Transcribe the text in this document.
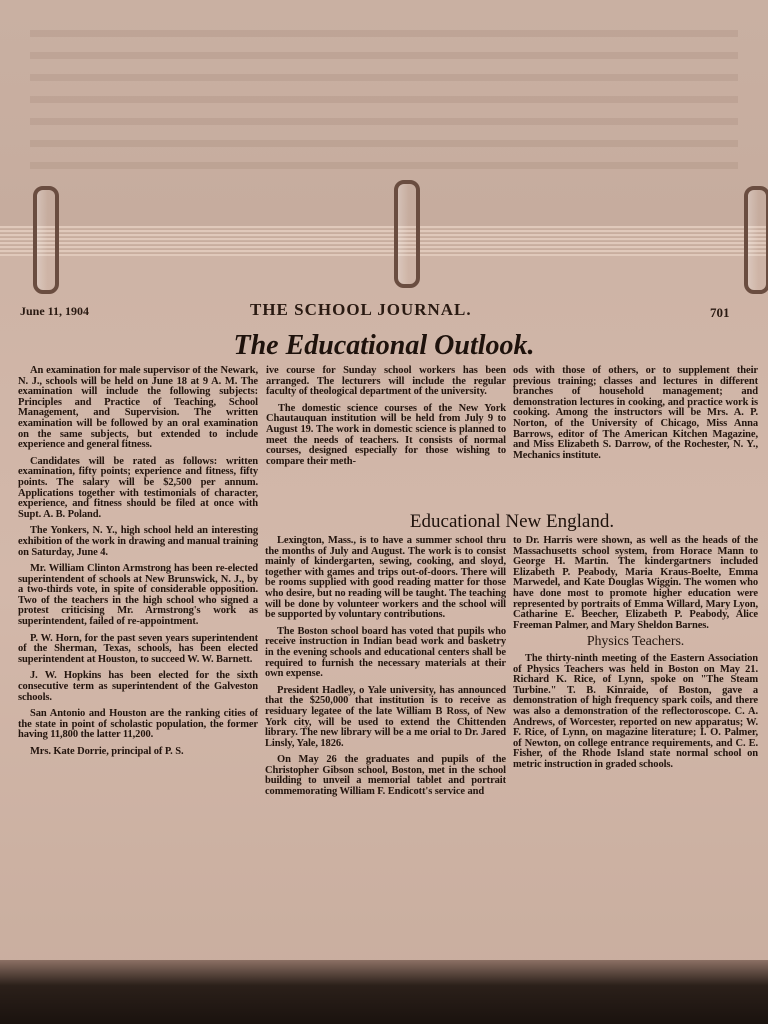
June 11, 1904	THE SCHOOL JOURNAL.	701
The Educational Outlook.

An examination for male supervisor of the Newark, N. J., schools will be held on June 18 at 9 A. M. The examination will include the following subjects: Principles and Practice of Teaching, School Management, and Supervision. The written examination will be followed by an oral examination on the same subjects, but extended to include experience and general fitness.

Candidates will be rated as follows: written examination, fifty points; experience and fitness, fifty points. The salary will be $2,500 per annum. Applications together with testimonials of character, experience, and fitness should be filed at once with Supt. A. B. Poland.

The Yonkers, N. Y., high school held an interesting exhibition of the work in drawing and manual training on Saturday, June 4.

Mr. William Clinton Armstrong has been re-elected superintendent of schools at New Brunswick, N. J., by a two-thirds vote, in spite of considerable opposition. Two of the teachers in the high school who signed a protest criticising Mr. Armstrong's work as superintendent, failed of re-appointment.

P. W. Horn, for the past seven years superintendent of the Sherman, Texas, schools, has been elected superintendent at Houston, to succeed W. W. Barnett.

J. W. Hopkins has been elected for the sixth consecutive term as superintendent of the Galveston schools.

San Antonio and Houston are the ranking cities of the state in point of scholastic population, the former having 11,800 the latter 11,200.

Mrs. Kate Dorrie, principal of P. S.

ive course for Sunday school workers has been arranged. The lecturers will include the regular faculty of theological department of the university.

The domestic science courses of the New York Chautauquan institution will be held from July 9 to August 19. The work in domestic science is planned to meet the needs of teachers. It consists of normal courses, designed especially for those wishing to compare their meth-

ods with those of others, or to supplement their previous training; classes and lectures in different branches of household management; and demonstration lectures in cooking, and practice work is cooking. Among the instructors will be Mrs. A. P. Norton, of the University of Chicago, Miss Anna Barrows, editor of The American Kitchen Magazine, and Miss Elizabeth S. Darrow, of the Rochester, N. Y., Mechanics institute.

Educational New England.

Lexington, Mass., is to have a summer school thru the months of July and August. The work is to consist mainly of kindergarten, sewing, cooking, and sloyd, together with games and trips out-of-doors. There will be rooms supplied with good reading matter for those who desire, but no reading will be taught. The teaching will be done by volunteer workers and the school will be supported by voluntary contributions.

The Boston school board has voted that pupils who receive instruction in Indian bead work and basketry in the evening schools and educational centers shall be required to furnish the necessary materials at their own expense.

President Hadley, o Yale university, has announced that the $250,000 that institution is to receive as residuary legatee of the late William B Ross, of New York city, will be used to extend the Chittenden library. The new library will be a me orial to Dr. Jared Linsly, Yale, 1826.

On May 26 the graduates and pupils of the Christopher Gibson school, Boston, met in the school building to unveil a memorial tablet and portrait commemorating William F. Endicott's service and

to Dr. Harris were shown, as well as the heads of the Massachusetts school system, from Horace Mann to George H. Martin. The kindergartners included Elizabeth P. Peabody, Maria Kraus-Boelte, Emma Marwedel, and Kate Douglas Wiggin. The women who have done most to promote higher education were represented by portraits of Emma Willard, Mary Lyon, Catharine E. Beecher, Elizabeth P. Peabody, Alice Freeman Palmer, and Mary Sheldon Barnes.

Physics Teachers.

The thirty-ninth meeting of the Eastern Association of Physics Teachers was held in Boston on May 21. Richard K. Rice, of Lynn, spoke on "The Steam Turbine." T. B. Kinraide, of Boston, gave a demonstration of high frequency spark coils, and there was also a demonstration of the reflectoroscope. C. A. Andrews, of Worcester, reported on new apparatus; W. F. Rice, of Lynn, on magazine literature; I. O. Palmer, of Newton, on college entrance requirements, and C. E. Fisher, of the Rhode Island state normal school on metric instruction in graded schools.
